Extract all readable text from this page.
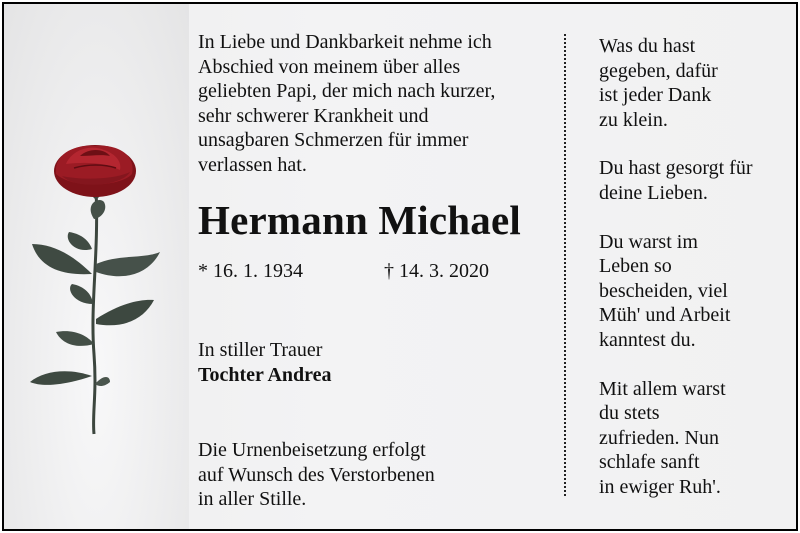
In Liebe und Dankbarkeit nehme ich
Abschied von meinem über alles
geliebten Papi, der mich nach kurzer,
sehr schwerer Krankheit und
unsagbaren Schmerzen für immer
verlassen hat.

Hermann Michael
* 16. 1. 1934	† 14. 3. 2020
In stiller Trauer
Tochter Andrea
Die Urnenbeisetzung erfolgt
auf Wunsch des Verstorbenen
in aller Stille.

Was du hast
gegeben, dafür
ist jeder Dank
zu klein.

Du hast gesorgt für
deine Lieben.

Du warst im
Leben so
bescheiden, viel
Müh' und Arbeit
kanntest du.

Mit allem warst
du stets
zufrieden. Nun
schlafe sanft
in ewiger Ruh'.
